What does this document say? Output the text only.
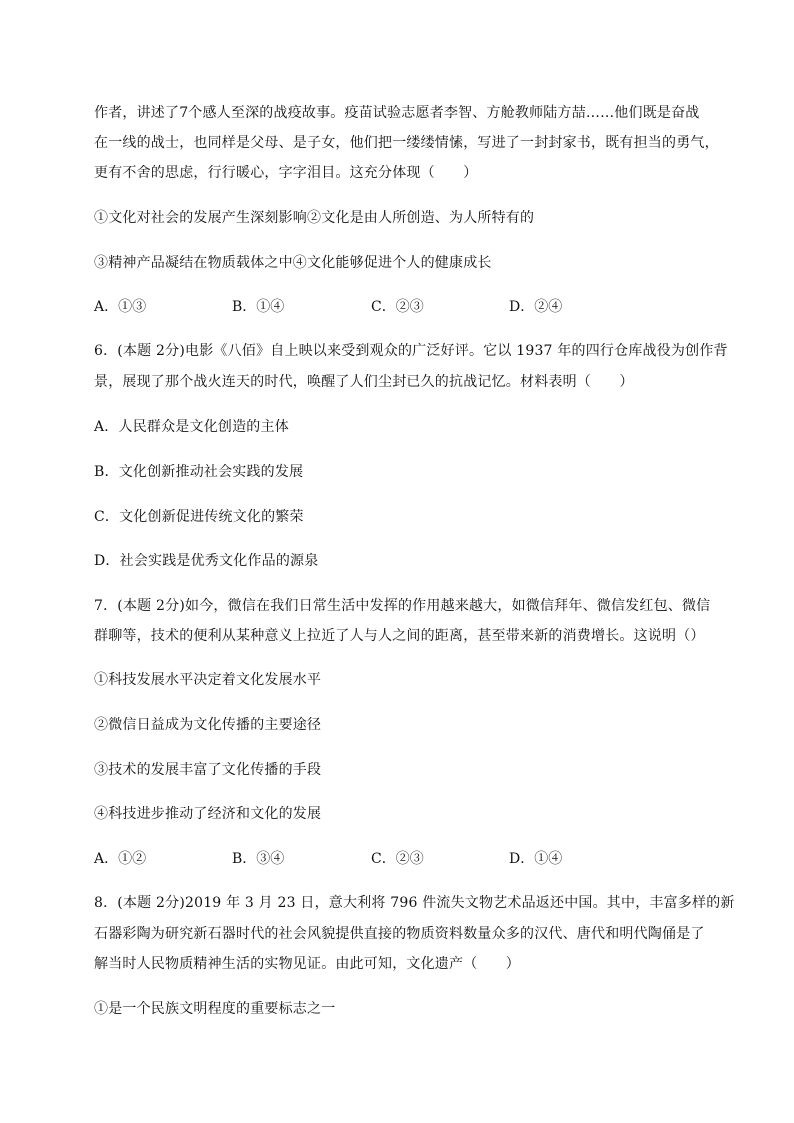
作者，讲述了7个感人至深的战疫故事。疫苗试验志愿者李智、方舱教师陆方喆……他们既是奋战
在一线的战士，也同样是父母、是子女，他们把一缕缕情愫，写进了一封封家书，既有担当的勇气，
更有不舍的思虑，行行暖心，字字泪目。这充分体现（　　）
①文化对社会的发展产生深刻影响②文化是由人所创造、为人所特有的
③精神产品凝结在物质载体之中④文化能够促进个人的健康成长
A．①③	B．①④	C．②③	D．②④
6．(本题 2分)电影《八佰》自上映以来受到观众的广泛好评。它以 1937 年的四行仓库战役为创作背
景，展现了那个战火连天的时代，唤醒了人们尘封已久的抗战记忆。材料表明（　　）
A．人民群众是文化创造的主体
B．文化创新推动社会实践的发展
C．文化创新促进传统文化的繁荣
D．社会实践是优秀文化作品的源泉
7．(本题 2分)如今，微信在我们日常生活中发挥的作用越来越大，如微信拜年、微信发红包、微信
群聊等，技术的便利从某种意义上拉近了人与人之间的距离，甚至带来新的消费增长。这说明（）
①科技发展水平决定着文化发展水平
②微信日益成为文化传播的主要途径
③技术的发展丰富了文化传播的手段
④科技进步推动了经济和文化的发展
A．①②	B．③④	C．②③	D．①④
8．(本题 2分)2019 年 3 月 23 日，意大利将 796 件流失文物艺术品返还中国。其中，丰富多样的新
石器彩陶为研究新石器时代的社会风貌提供直接的物质资料数量众多的汉代、唐代和明代陶俑是了
解当时人民物质精神生活的实物见证。由此可知，文化遗产（　　）
①是一个民族文明程度的重要标志之一
